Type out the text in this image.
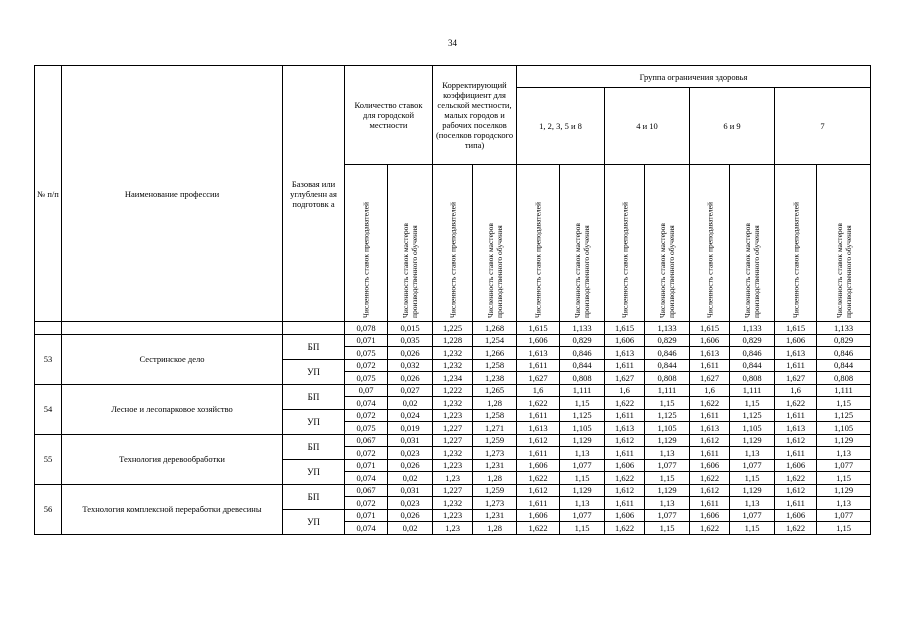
34
№ п/п	Наименование профессии	Базовая или углубленн ая подготовк а	Количество ставок для городской местности		Корректирующий коэффициент для сельской местности, малых городов и рабочих поселков (поселков городского типа)		Группа ограничения здоровья							
							1, 2, 3, 5 и 8		4 и 10		6 и 9		7	

			Численность ставок преподавателей	Численность ставок мастеров производственного обучения	Численность ставок преподавателей	Численность ставок мастеров производственного обучения	Численность ставок преподавателей	Численность ставок мастеров производственного обучения	Численность ставок преподавателей	Численность ставок мастеров производственного обучения	Численность ставок преподавателей	Численность ставок мастеров производственного обучения	Численность ставок преподавателей	Численность ставок мастеров производственного обучения

			0,078	0,015	1,225	1,268	1,615	1,133	1,615	1,133	1,615	1,133	1,615	1,133
53	Сестринское дело	БП	0,071	0,035	1,228	1,254	1,606	0,829	1,606	0,829	1,606	0,829	1,606	0,829
			0,075	0,026	1,232	1,266	1,613	0,846	1,613	0,846	1,613	0,846	1,613	0,846
		УП	0,072	0,032	1,232	1,258	1,611	0,844	1,611	0,844	1,611	0,844	1,611	0,844
			0,075	0,026	1,234	1,238	1,627	0,808	1,627	0,808	1,627	0,808	1,627	0,808
54	Лесное и лесопарковое хозяйство	БП	0,07	0,027	1,222	1,265	1,6	1,111	1,6	1,111	1,6	1,111	1,6	1,111
			0,074	0,02	1,232	1,28	1,622	1,15	1,622	1,15	1,622	1,15	1,622	1,15
		УП	0,072	0,024	1,223	1,258	1,611	1,125	1,611	1,125	1,611	1,125	1,611	1,125
			0,075	0,019	1,227	1,271	1,613	1,105	1,613	1,105	1,613	1,105	1,613	1,105
55	Технология деревообработки	БП	0,067	0,031	1,227	1,259	1,612	1,129	1,612	1,129	1,612	1,129	1,612	1,129
			0,072	0,023	1,232	1,273	1,611	1,13	1,611	1,13	1,611	1,13	1,611	1,13
		УП	0,071	0,026	1,223	1,231	1,606	1,077	1,606	1,077	1,606	1,077	1,606	1,077
			0,074	0,02	1,23	1,28	1,622	1,15	1,622	1,15	1,622	1,15	1,622	1,15
56	Технология комплексной переработки древесины	БП	0,067	0,031	1,227	1,259	1,612	1,129	1,612	1,129	1,612	1,129	1,612	1,129
			0,072	0,023	1,232	1,273	1,611	1,13	1,611	1,13	1,611	1,13	1,611	1,13
		УП	0,071	0,026	1,223	1,231	1,606	1,077	1,606	1,077	1,606	1,077	1,606	1,077
			0,074	0,02	1,23	1,28	1,622	1,15	1,622	1,15	1,622	1,15	1,622	1,15
